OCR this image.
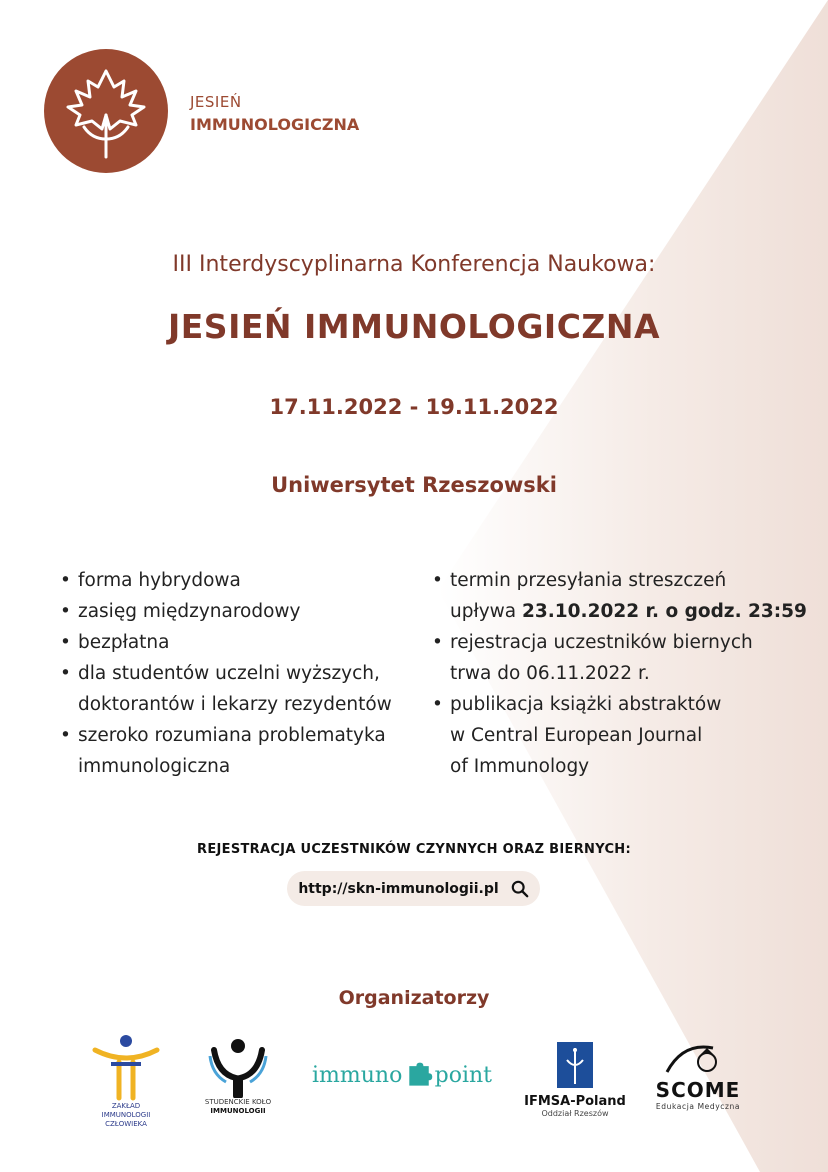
JESIEŃ
IMMUNOLOGICZNA
III Interdyscyplinarna Konferencja Naukowa:
JESIEŃ IMMUNOLOGICZNA
17.11.2022 - 19.11.2022
Uniwersytet Rzeszowski
• forma hybrydowa
• zasięg międzynarodowy
• bezpłatna
• dla studentów uczelni wyższych,
doktorantów i lekarzy rezydentów
• szeroko rozumiana problematyka
immunologiczna
• termin przesyłania streszczeń
upływa 23.10.2022 r. o godz. 23:59
• rejestracja uczestników biernych
trwa do 06.11.2022 r.
• publikacja książki abstraktów
w Central European Journal
of Immunology
REJESTRACJA UCZESTNIKÓW CZYNNYCH ORAZ BIERNYCH:
http://skn-immunologii.pl
Organizatorzy
ZAKŁAD IMMUNOLOGII
CZŁOWIEKA
STUDENCKIE KOŁO
IMMUNOLOGII
immuno point
IFMSA-Poland
Oddział Rzeszów
SCOME
Edukacja Medyczna
